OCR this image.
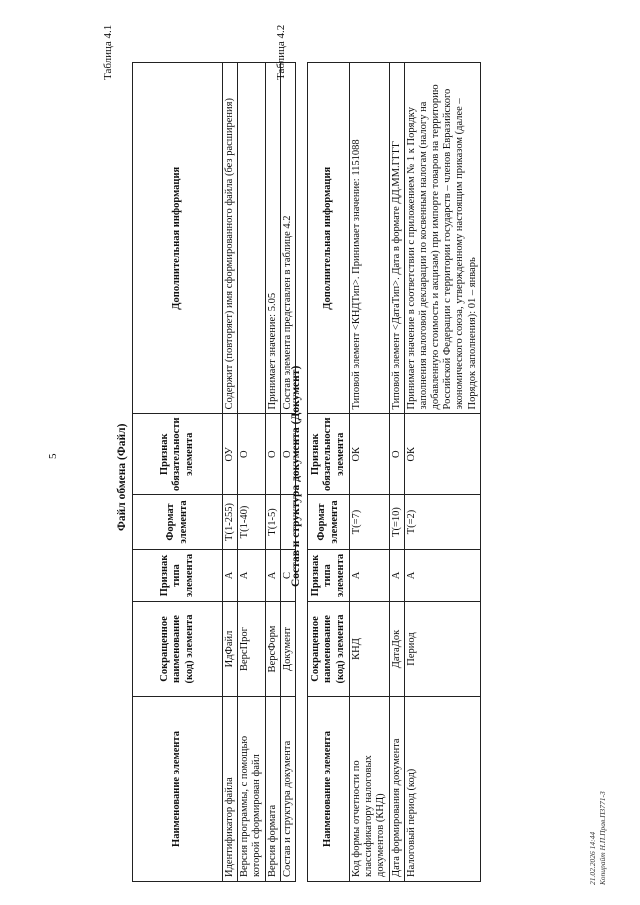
5
Таблица 4.1
Файл обмена (Файл)
Наименование элемента	Сокращенное наименование (код) элемента	Признак типа элемента	Формат элемента	Признак обязательности элемента	Дополнительная информация
Идентификатор файла	ИдФайл	А	T(1-255)	ОУ	Содержит (повторяет) имя сформированного файла (без расширения)
Версия программы, с помощью которой сформирован файл	ВерсПрог	А	T(1-40)	О	
Версия формата	ВерсФорм	А	T(1-5)	О	Принимает значение: 5.05
Состав и структура документа	Документ	С		О	Состав элемента представлен в таблице 4.2
Таблица 4.2
Состав и структура документа (Документ)
Наименование элемента	Сокращенное наименование (код) элемента	Признак типа элемента	Формат элемента	Признак обязательности элемента	Дополнительная информация
Код формы отчетности по классификатору налоговых документов (КНД)	КНД	А	T(=7)	ОК	Типовой элемент <КНДТип>. Принимает значение: 1151088
Дата формирования документа	ДатаДок	А	T(=10)	О	Типовой элемент <ДатаТип>. Дата в формате ДД.ММ.ГГГГ
Налоговый период (код)	Период	А	T(=2)	ОК	Принимает значение в соответствии с приложением № 1 к Порядку заполнения налоговой декларации по косвенным налогам (налогу на добавленную стоимость и акцизам) при импорте товаров на территорию Российской Федерации с территории государств – членов Евразийского экономического союза, утвержденному настоящим приказом (далее – Порядок заполнения): 01 – январь
21.02.2026 14:44 Копирайт Н.П.Прав.П3771-3
